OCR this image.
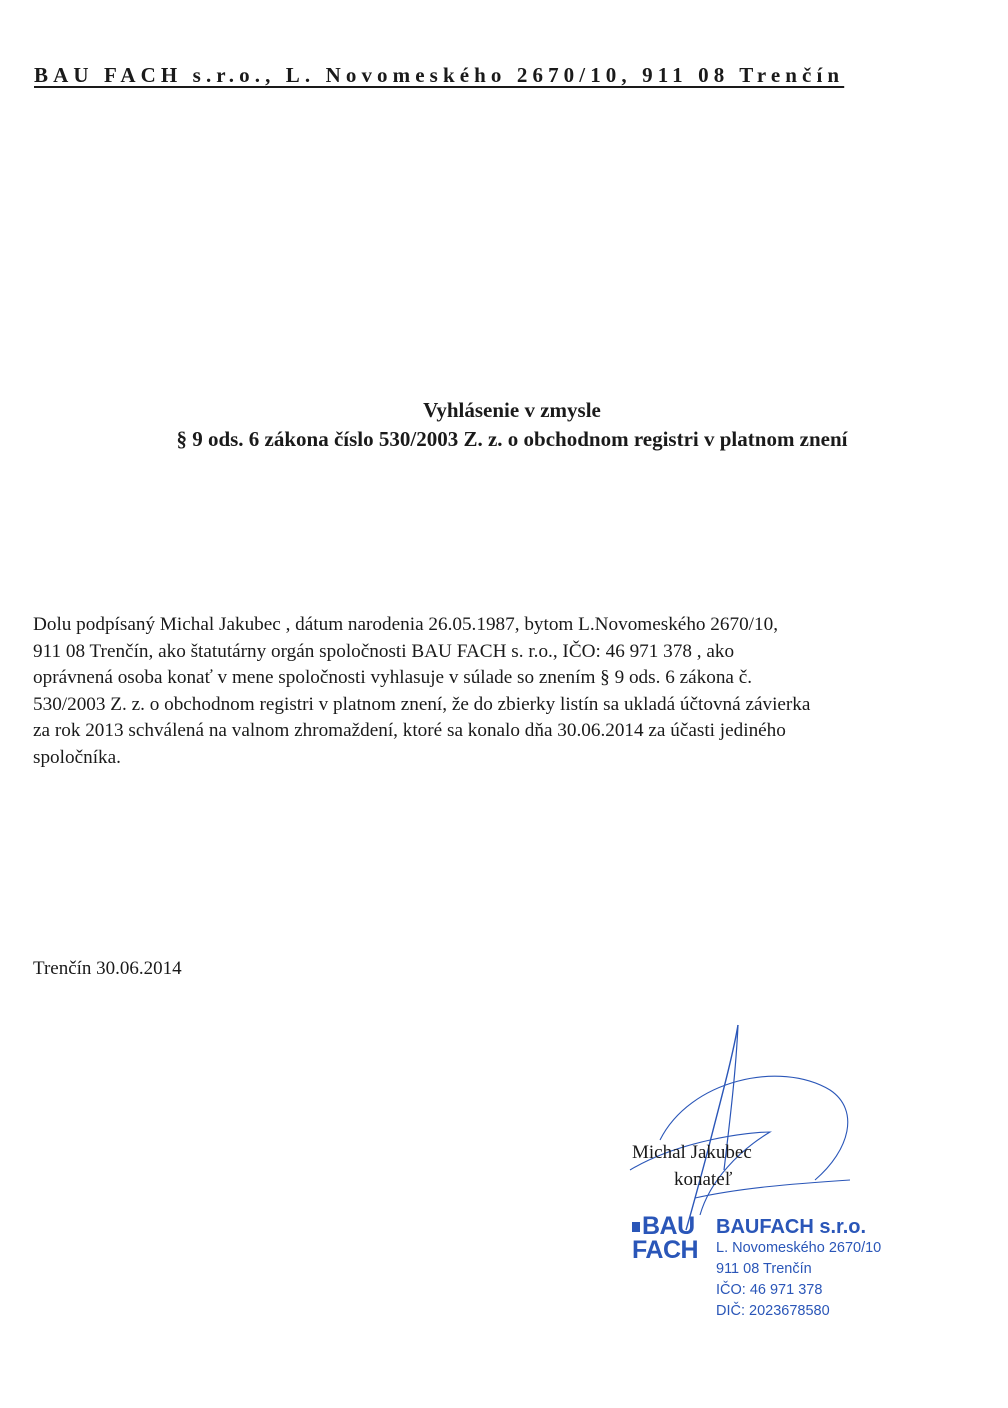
BAU FACH s.r.o., L. Novomeského 2670/10, 911 08 Trenčín
Vyhlásenie v zmysle
§ 9 ods. 6 zákona číslo 530/2003 Z. z. o obchodnom registri v platnom znení
Dolu podpísaný Michal Jakubec , dátum narodenia 26.05.1987, bytom L.Novomeského 2670/10,
911 08 Trenčín, ako štatutárny orgán spoločnosti BAU FACH s. r.o., IČO: 46 971 378 , ako
oprávnená osoba konať v mene spoločnosti vyhlasuje v súlade so znením § 9 ods. 6 zákona č.
530/2003 Z. z. o obchodnom registri v platnom znení, že do zbierky listín sa ukladá účtovná závierka
za rok 2013 schválená na valnom zhromaždení, ktoré sa konalo dňa 30.06.2014 za účasti jediného
spoločníka.
Trenčín 30.06.2014
Michal Jakubec
konateľ
BAU
FACH
BAUFACH s.r.o.
L. Novomeského 2670/10
911 08 Trenčín
IČO: 46 971 378
DIČ: 2023678580
